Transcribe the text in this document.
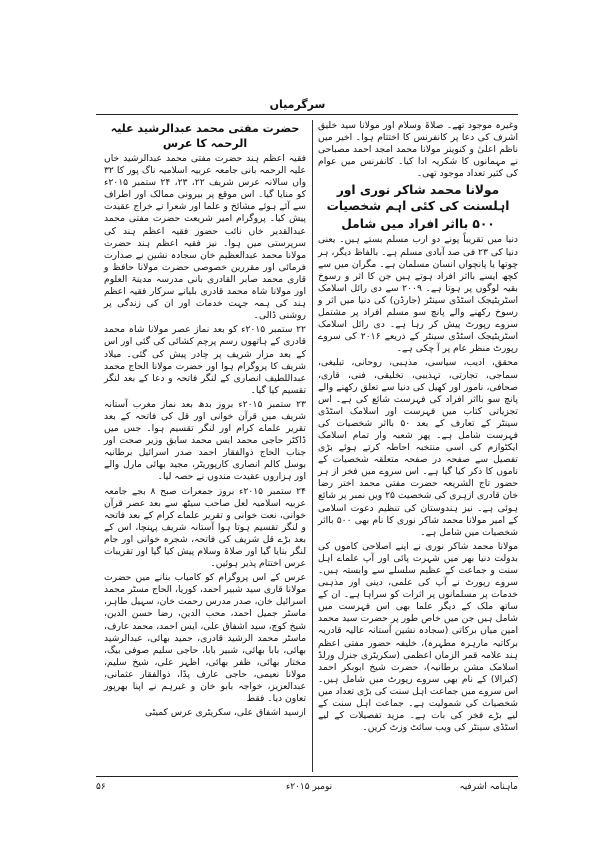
سرگرمیاں

وغیرہ موجود تھے۔ صلاۃ وسلام اور مولانا سید خلیق اشرف کی دعا پر کانفرنس کا اختتام ہوا۔ اخیر میں ناظم اعلیٰ و کنوینر مولانا محمد امجد احمد مصباحی نے مہمانوں کا شکریہ ادا کیا۔ کانفرنس میں عوام کی کثیر تعداد موجود تھی۔

مولانا محمد شاکر نوری اور اہلسنت کی کئی اہم شخصیات
۵۰۰ بااثر افراد میں شامل

دنیا میں تقریباً پونے دو ارب مسلم بستے ہیں۔ یعنی دنیا کی ۲۳ فی صد آبادی مسلم ہے۔ بالفاظ دیگر، ہر چوتھا یا پانچواں انسان مسلمان ہے۔ مگران میں سے کچھ ایسے بااثر افراد ہوتے ہیں جن کا اثر و رسوخ بقیہ لوگوں پر ہوتا ہے۔ ۲۰۰۹ سے دی رائل اسلامک اسٹریٹیجک اسٹڈی سینٹر (جارڈن) کی دنیا میں اثر و رسوخ رکھنے والے پانچ سو مسلم افراد پر مشتمل سروے رپورٹ پیش کر رہا ہے۔ دی رائل اسلامک اسٹریٹیجک اسٹڈی سینٹر کے ذریعے ۲۰۱۶ کی سروے رپورٹ منظر عام پر آ چکی ہے۔

محقق، ادیب، سیاسی، مذہبی، روحانی، تبلیغی، سماجی، تجارتی، تہذیبی، تخلیقی، فنی، قاری، صحافی، نامور اور کھیل کی دنیا سے تعلق رکھنے والے پانچ سو بااثر افراد کی فہرست شائع کی ہے۔ اس تجزیاتی کتاب میں فہرست اور اسلامک اسٹڈی سینٹر کے تعارف کے بعد ۵۰ بااثر شخصیات کی فہرست شامل ہے۔ پھر شعبہ وار تمام اسلامک ایکٹوازم کی اسی منتخبہ احاطہ کرتے ہوئے بڑی تفصیل سے صفحہ در صفحہ متعلقہ شخصیات کے ناموں کا ذکر کیا گیا ہے۔ اس سروے میں فخر از ہر حضور تاج الشریعہ حضرت مفتی محمد اختر رضا خان قادری ازہری کی شخصیت ۲۵ ویں نمبر پر شائع ہوئی ہے۔ نیز ہندوستان کی تنظیم دعوت اسلامی کے امیر مولانا محمد شاکر نوری کا نام بھی ۵۰۰ بااثر شخصیات میں شامل ہے۔

مولانا محمد شاکر نوری نے اپنے اصلاحی کاموں کی بدولت دنیا بھر میں شہرت پائی اور آپ علماے اہل سنت و جماعت کے عظیم سلسلے سے وابستہ ہیں۔ سروے رپورٹ نے آپ کی علمی، دینی اور مذہبی خدمات پر مسلمانوں پر اثرات کو سراہا ہے۔ ان کے ساتھ ملک کے دیگر علما بھی اس فہرست میں شامل ہیں جن میں خاص طور پر حضرت سید محمد امین میاں برکاتی (سجادہ نشین آستانہ عالیہ قادریہ برکاتیہ مارہرہ مطہرہ)، خلیفہ حضور مفتی اعظم ہند علامہ قمر الزماں اعظمی (سکریٹری جنرل ورلڈ اسلامک مشن برطانیہ)، حضرت شیخ ابوبکر احمد (کیرالا) کے نام بھی سروے رپورٹ میں شامل ہیں۔ اس سروے میں جماعت اہل سنت کی بڑی تعداد میں شخصیات کی شمولیت ہے۔ جماعت اہل سنت کے لیے بڑے فخر کی بات ہے۔ مزید تفصیلات کے لیے اسٹڈی سینٹر کی ویب سائٹ وزٹ کریں۔

حضرت مفتی محمد عبدالرشید علیہ الرحمہ کا عرس

فقیہ اعظم ہند حضرت مفتی محمد عبدالرشید خاں علیہ الرحمہ بانی جامعہ عربیہ اسلامیہ ناگ پور کا ۳۲ واں سالانہ عرس شریف ۲۲، ۲۳، ۲۴ ستمبر ۲۰۱۵ء کو منایا گیا۔ اس موقع پر بیرونی ممالک اور اطراف سے آئے ہوئے مشائخ و علما اور شعرا نے خراج عقیدت پیش کیا۔ پروگرام امیر شریعت حضرت مفتی محمد عبدالقدیر خاں نائب حضور فقیہ اعظم ہند کی سرپرستی میں ہوا۔ نیز فقیہ اعظم ہند حضرت مولانا محمد عبدالعظیم خان سجادہ نشین نے صدارت فرمائی اور مقررین خصوصی حضرت مولانا حافظ و قاری محمد صابر القادری بانی مدرسہ مدینۃ العلوم اور مولانا شاہ محمد قادری بلیانے سرکار فقیہ اعظم ہند کی ہمہ جہت خدمات اور ان کی زندگی پر روشنی ڈالی۔

۲۲ ستمبر ۲۰۱۵ء کو بعد نماز عصر مولانا شاہ محمد قادری کے ہاتھوں رسم پرچم کشائی کی گئی اور اس کے بعد مزار شریف پر چادر پیش کی گئی۔ میلاد شریف کا پروگرام ہوا اور حضرت مولانا الحاج محمد عبداللطیف انصاری کے لنگر فاتحہ و دعا کے بعد لنگر تقسیم کیا گیا۔

۲۳ ستمبر ۲۰۱۵ء بروز بدھ بعد نماز مغرب آستانہ شریف میں قرآن خوانی اور قل کی فاتحہ کے بعد تقریر علماے کرام اور لنگر تقسیم ہوا۔ جس میں ڈاکٹر حاجی محمد ایس محمد سابق وزیر صحت اور جناب الحاج ذوالفقار احمد صدر اسرائیل برطانیہ بوسل کالم انصاری کارپوریٹر، مجید بھائی مارل والے اور ہزاروں عقیدت مندوں نے حصہ لیا۔

۲۴ ستمبر ۲۰۱۵ء بروز جمعرات صبح ۸ بجے جامعہ عربیہ اسلامیہ لعل صاحب سیٹھ سے بعد عصر قرآن خوانی، نعت خوانی و تقریر علماے کرام کے بعد فاتحہ و لنگر تقسیم ہوتا ہوا آستانہ شریف پہنچا، اس کے بعد بڑے قل شریف کی فاتحہ، شجرہ خوانی اور جام لنگر بنایا گیا اور صلاۃ وسلام پیش کیا گیا اور تقریبات عرس اختتام پذیر ہوئیں۔

عرس کے اس پروگرام کو کامیاب بنانے میں حضرت مولانا قاری سید شبیر احمد، کوریا، الحاج مسٹر محمد اسرائیل خان، صدر مدرس رحمت خان، سہیل طاہر، ماسٹر جمیل احمد، محب الدین، رضا حسن الدین، شیخ کوچ، سید اشفاق علی، ایس احمد، محمد عارف، ماسٹر محمد الرشید قادری، حمید بھائی، عبدالرشید بھائی، بابا بھائی، شبیر بابا، حاجی سلیم صوفی بیگ، مختار بھائی، ظفر بھائی، اظہر علی، شیخ سلیم، مولانا نعیمی، حاجی عارف پڈا، ذوالفقار عثمانی، عبدالعزیز، خواجہ بابو خان و غیرہم نے اپنا بھرپور تعاون دیا۔ فقط

ازسید اشفاق علی، سکریٹری عرس کمیٹی

ماہنامہ اشرفیہ
نومبر ۲۰۱۵ء
۵۶
